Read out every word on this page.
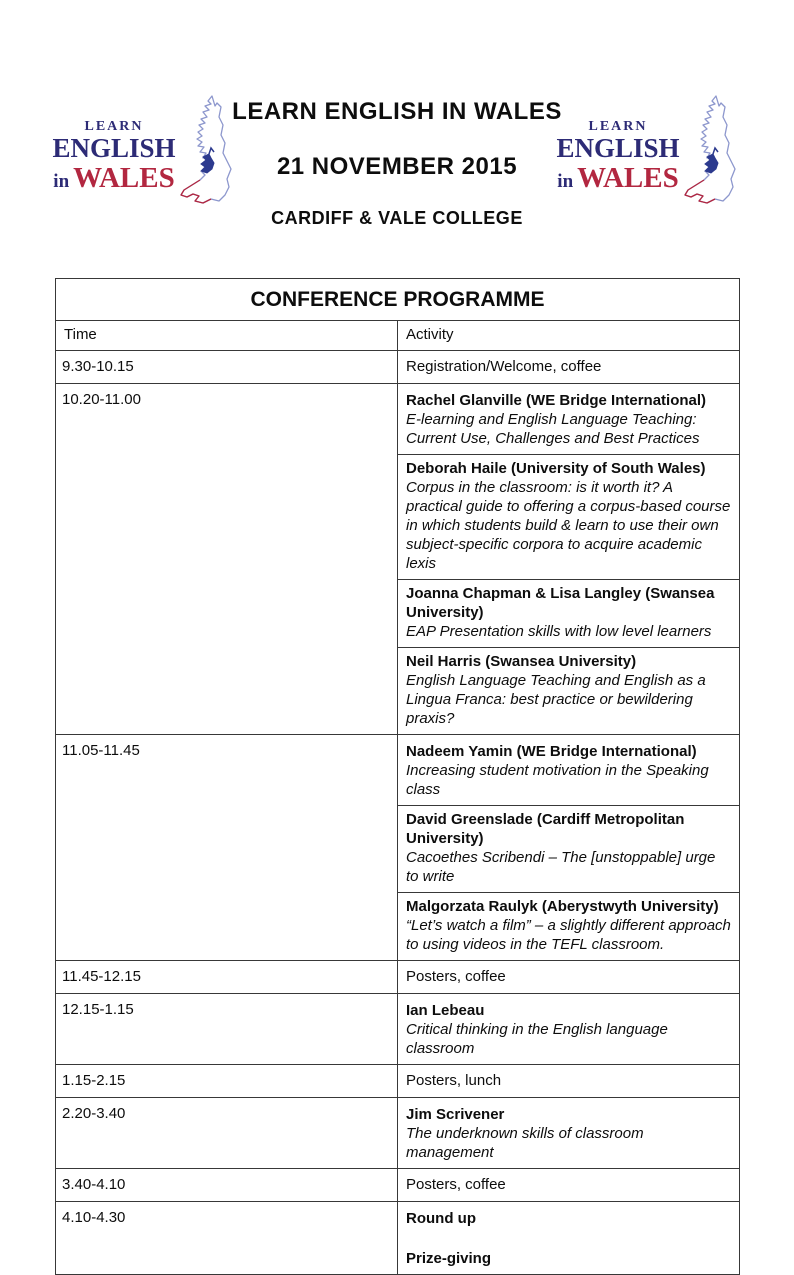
LEARN
ENGLISH
in WALES
LEARN ENGLISH IN WALES
21 NOVEMBER 2015
CARDIFF & VALE COLLEGE
LEARN
ENGLISH
in WALES
CONFERENCE PROGRAMME	
Time	Activity
9.30-10.15	Registration/Welcome, coffee
10.20-11.00	Rachel Glanville (WE Bridge International)
E-learning and English Language Teaching: Current Use, Challenges and Best Practices

	Deborah Haile (University of South Wales)
Corpus in the classroom: is it worth it? A practical guide to offering a corpus-based course in which students build & learn to use their own subject-specific corpora to acquire academic lexis

	Joanna Chapman & Lisa Langley (Swansea University)
EAP Presentation skills with low level learners

	Neil Harris (Swansea University)
English Language Teaching and English as a Lingua Franca: best practice or bewildering praxis?

11.05-11.45	Nadeem Yamin (WE Bridge International)
Increasing student motivation in the Speaking class

	David Greenslade (Cardiff Metropolitan University)
Cacoethes Scribendi – The [unstoppable] urge to write

	Malgorzata Raulyk (Aberystwyth University)
“Let’s watch a film” – a slightly different approach to using videos in the TEFL classroom.

11.45-12.15	Posters, coffee
12.15-1.15	Ian Lebeau
Critical thinking in the English language classroom

1.15-2.15	Posters, lunch
2.20-3.40	Jim Scrivener
The underknown skills of classroom management

3.40-4.10	Posters, coffee
4.10-4.30	Round up
Prize-giving
